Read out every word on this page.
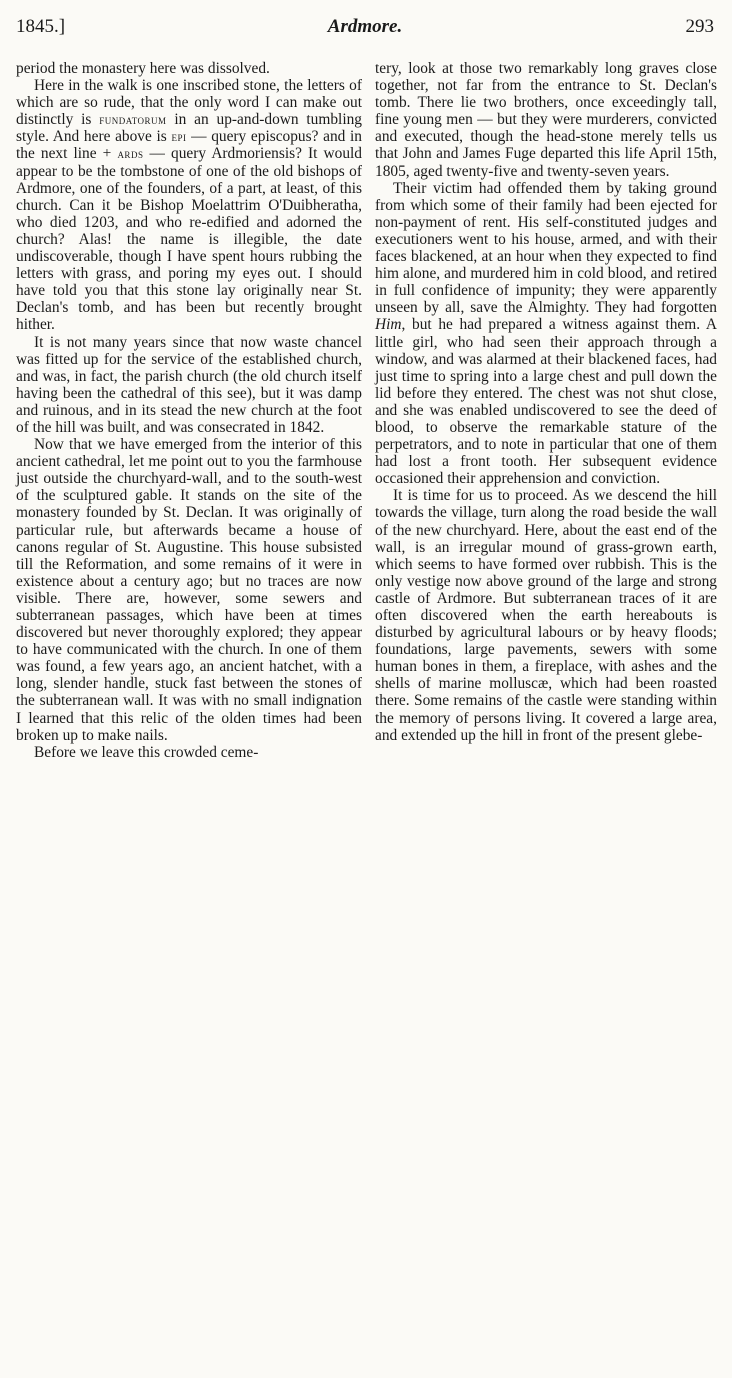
1845.]	Ardmore.	293

period the monastery here was dissolved.

Here in the walk is one inscribed stone, the letters of which are so rude, that the only word I can make out distinctly is fundatorum in an up-and-down tumbling style. And here above is epi — query episcopus? and in the next line + ards — query Ardmoriensis? It would appear to be the tombstone of one of the old bishops of Ardmore, one of the founders, of a part, at least, of this church. Can it be Bishop Moelattrim O'Duibheratha, who died 1203, and who re-edified and adorned the church? Alas! the name is illegible, the date undiscoverable, though I have spent hours rubbing the letters with grass, and poring my eyes out. I should have told you that this stone lay originally near St. Declan's tomb, and has been but recently brought hither.

It is not many years since that now waste chancel was fitted up for the service of the established church, and was, in fact, the parish church (the old church itself having been the cathedral of this see), but it was damp and ruinous, and in its stead the new church at the foot of the hill was built, and was consecrated in 1842.

Now that we have emerged from the interior of this ancient cathedral, let me point out to you the farmhouse just outside the churchyard-wall, and to the south-west of the sculptured gable. It stands on the site of the monastery founded by St. Declan. It was originally of particular rule, but afterwards became a house of canons regular of St. Augustine. This house subsisted till the Reformation, and some remains of it were in existence about a century ago; but no traces are now visible. There are, however, some sewers and subterranean passages, which have been at times discovered but never thoroughly explored; they appear to have communicated with the church. In one of them was found, a few years ago, an ancient hatchet, with a long, slender handle, stuck fast between the stones of the subterranean wall. It was with no small indignation I learned that this relic of the olden times had been broken up to make nails.

Before we leave this crowded ceme-

tery, look at those two remarkably long graves close together, not far from the entrance to St. Declan's tomb. There lie two brothers, once exceedingly tall, fine young men — but they were murderers, convicted and executed, though the head-stone merely tells us that John and James Fuge departed this life April 15th, 1805, aged twenty-five and twenty-seven years.

Their victim had offended them by taking ground from which some of their family had been ejected for non-payment of rent. His self-constituted judges and executioners went to his house, armed, and with their faces blackened, at an hour when they expected to find him alone, and murdered him in cold blood, and retired in full confidence of impunity; they were apparently unseen by all, save the Almighty. They had forgotten Him, but he had prepared a witness against them. A little girl, who had seen their approach through a window, and was alarmed at their blackened faces, had just time to spring into a large chest and pull down the lid before they entered. The chest was not shut close, and she was enabled undiscovered to see the deed of blood, to observe the remarkable stature of the perpetrators, and to note in particular that one of them had lost a front tooth. Her subsequent evidence occasioned their apprehension and conviction.

It is time for us to proceed. As we descend the hill towards the village, turn along the road beside the wall of the new churchyard. Here, about the east end of the wall, is an irregular mound of grass-grown earth, which seems to have formed over rubbish. This is the only vestige now above ground of the large and strong castle of Ardmore. But subterranean traces of it are often discovered when the earth hereabouts is disturbed by agricultural labours or by heavy floods; foundations, large pavements, sewers with some human bones in them, a fireplace, with ashes and the shells of marine molluscæ, which had been roasted there. Some remains of the castle were standing within the memory of persons living. It covered a large area, and extended up the hill in front of the present glebe-
